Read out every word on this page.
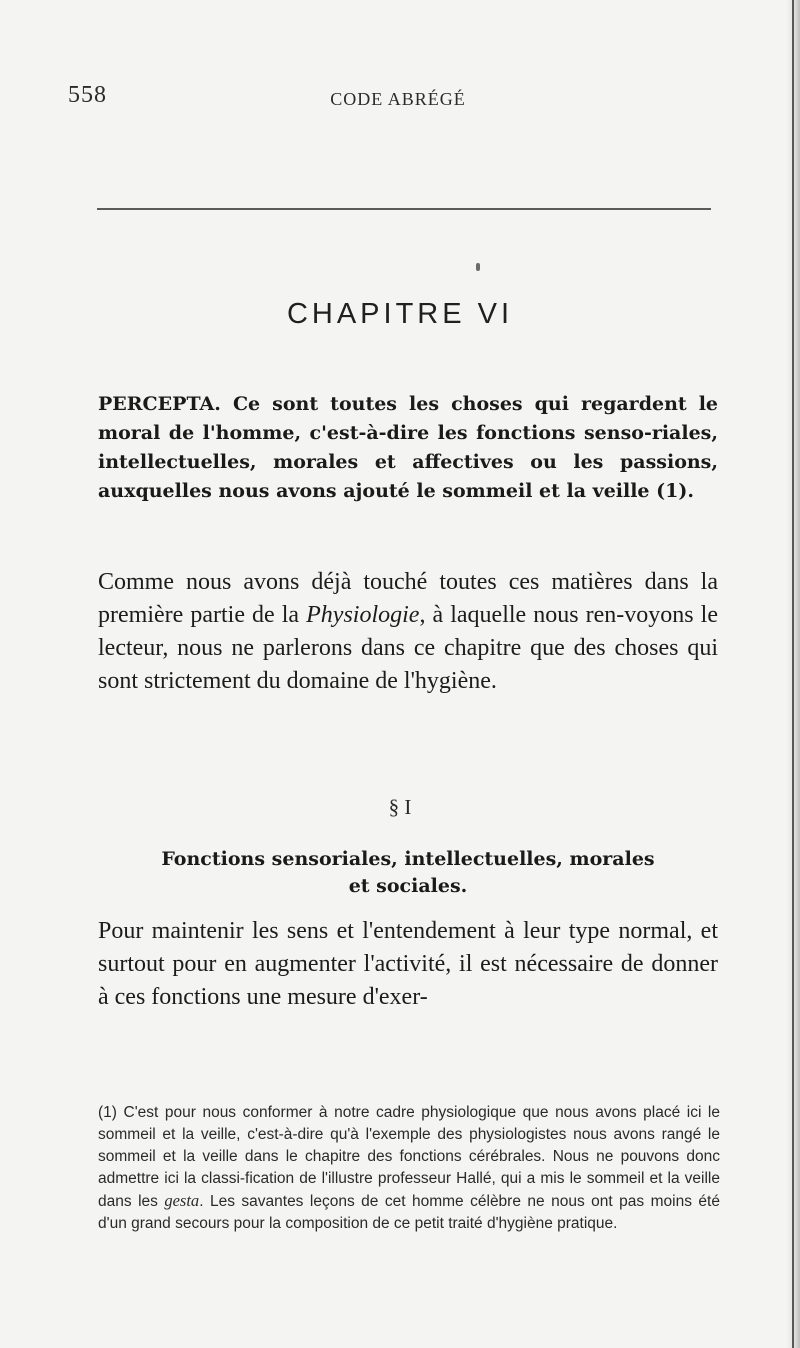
558	CODE ABRÉGÉ
CHAPITRE VI

PERCEPTA. Ce sont toutes les choses qui regardent le moral de l'homme, c'est-à-dire les fonctions senso-riales, intellectuelles, morales et affectives ou les passions, auxquelles nous avons ajouté le sommeil et la veille (1).

Comme nous avons déjà touché toutes ces matières dans la première partie de la Physiologie, à laquelle nous ren-voyons le lecteur, nous ne parlerons dans ce chapitre que des choses qui sont strictement du domaine de l'hygiène.

§ I
Fonctions sensoriales, intellectuelles, morales
et sociales.

Pour maintenir les sens et l'entendement à leur type normal, et surtout pour en augmenter l'activité, il est nécessaire de donner à ces fonctions une mesure d'exer-

(1) C'est pour nous conformer à notre cadre physiologique que nous avons placé ici le sommeil et la veille, c'est-à-dire qu'à l'exemple des physiologistes nous avons rangé le sommeil et la veille dans le chapitre des fonctions cérébrales. Nous ne pouvons donc admettre ici la classi-fication de l'illustre professeur Hallé, qui a mis le sommeil et la veille dans les gesta. Les savantes leçons de cet homme célèbre ne nous ont pas moins été d'un grand secours pour la composition de ce petit traité d'hygiène pratique.
